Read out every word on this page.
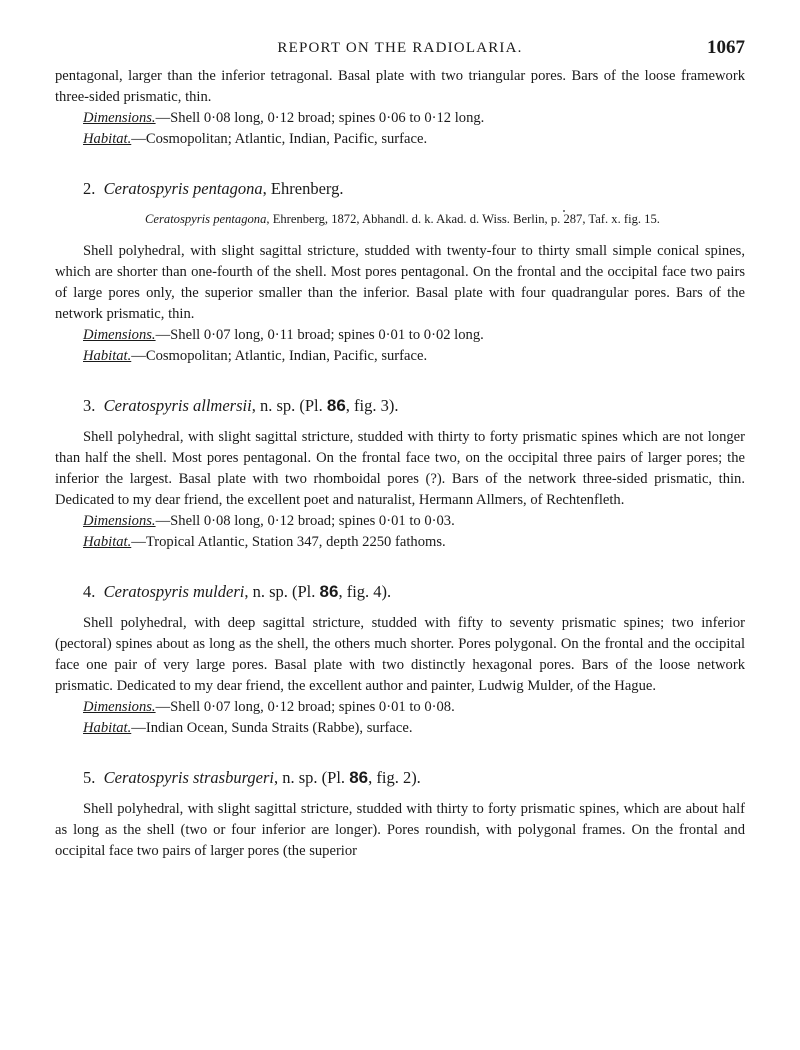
REPORT ON THE RADIOLARIA.	1067

pentagonal, larger than the inferior tetragonal. Basal plate with two triangular pores. Bars of the loose framework three-sided prismatic, thin.

Dimensions.—Shell 0·08 long, 0·12 broad; spines 0·06 to 0·12 long.

Habitat.—Cosmopolitan; Atlantic, Indian, Pacific, surface.

2. Ceratospyris pentagona, Ehrenberg.

Ceratospyris pentagona, Ehrenberg, 1872, Abhandl. d. k. Akad. d. Wiss. Berlin, p. 287, Taf. x. fig. 15.

Shell polyhedral, with slight sagittal stricture, studded with twenty-four to thirty small simple conical spines, which are shorter than one-fourth of the shell. Most pores pentagonal. On the frontal and the occipital face two pairs of large pores only, the superior smaller than the inferior. Basal plate with four quadrangular pores. Bars of the network prismatic, thin.

Dimensions.—Shell 0·07 long, 0·11 broad; spines 0·01 to 0·02 long.

Habitat.—Cosmopolitan; Atlantic, Indian, Pacific, surface.

3. Ceratospyris allmersii, n. sp. (Pl. 86, fig. 3).

Shell polyhedral, with slight sagittal stricture, studded with thirty to forty prismatic spines which are not longer than half the shell. Most pores pentagonal. On the frontal face two, on the occipital three pairs of larger pores; the inferior the largest. Basal plate with two rhomboidal pores (?). Bars of the network three-sided prismatic, thin. Dedicated to my dear friend, the excellent poet and naturalist, Hermann Allmers, of Rechtenfleth.

Dimensions.—Shell 0·08 long, 0·12 broad; spines 0·01 to 0·03.

Habitat.—Tropical Atlantic, Station 347, depth 2250 fathoms.

4. Ceratospyris mulderi, n. sp. (Pl. 86, fig. 4).

Shell polyhedral, with deep sagittal stricture, studded with fifty to seventy prismatic spines; two inferior (pectoral) spines about as long as the shell, the others much shorter. Pores polygonal. On the frontal and the occipital face one pair of very large pores. Basal plate with two distinctly hexagonal pores. Bars of the loose network prismatic. Dedicated to my dear friend, the excellent author and painter, Ludwig Mulder, of the Hague.

Dimensions.—Shell 0·07 long, 0·12 broad; spines 0·01 to 0·08.

Habitat.—Indian Ocean, Sunda Straits (Rabbe), surface.

5. Ceratospyris strasburgeri, n. sp. (Pl. 86, fig. 2).

Shell polyhedral, with slight sagittal stricture, studded with thirty to forty prismatic spines, which are about half as long as the shell (two or four inferior are longer). Pores roundish, with polygonal frames. On the frontal and occipital face two pairs of larger pores (the superior
